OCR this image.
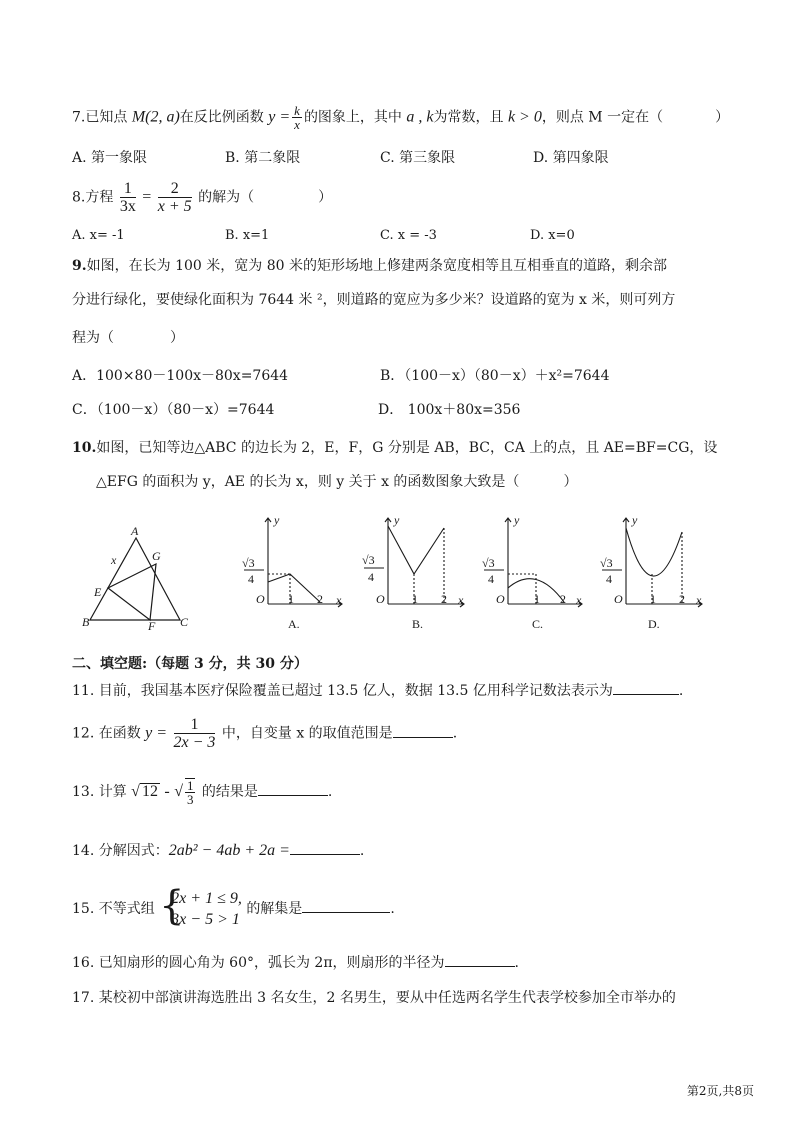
7.已知点 M(2, a)在反比例函数 $y = \frac{k}{x}$ 的图象上，其中 a , k为常数，且 k > 0，则点 M 一定在（	）
A. 第一象限	B. 第二象限	C. 第三象限	D. 第四象限
8.方程 $\frac{1}{3x} = \frac{2}{x + 5}$ 的解为（	）
A. x= -1	B. x=1	C. x = -3	D. x=0
9.如图，在长为 100 米，宽为 80 米的矩形场地上修建两条宽度相等且互相垂直的道路，剩余部
分进行绿化，要使绿化面积为 7644 米 ²，则道路的宽应为多少米？设道路的宽为 x 米，则可列方
程为（	）
A．100×80－100x－80x=7644	B．（100－x）（80－x）＋x²=7644
C．（100－x）（80－x）=7644	D． 100x＋80x=356
10.如图，已知等边△ABC 的边长为 2，E，F，G 分别是 AB，BC，CA 上的点，且 AE=BF=CG，设
△EFG 的面积为 y，AE 的长为 x，则 y 关于 x 的函数图象大致是（	）
A
G
x
E
B	F C
y
x
√3
4
O 1 2
A.
y
x
√3
4
O 1 2
B.
y
x
√3
4
O 1 2
C.
y
x
√3
4
O 1 2
D.
二、填空题:（每题 3 分，共 30 分）
11. 目前，我国基本医疗保险覆盖已超过 13.5 亿人，数据 13.5 亿用科学记数法表示为	.
12. 在函数 $y = \frac{1}{2x - 3}$ 中，自变量 x 的取值范围是	.
13. 计算 √ 12 - √ $\frac{1}{3}$ 的结果是	.
14. 分解因式：2ab² − 4ab + 2a =	.
15. 不等式组 {
2x + 1 ≤ 9,
3x − 5 > 1
的解集是	.
16. 已知扇形的圆心角为 60°，弧长为 2π，则扇形的半径为	.
17. 某校初中部演讲海选胜出 3 名女生，2 名男生，要从中任选两名学生代表学校参加全市举办的
第2页,共8页
